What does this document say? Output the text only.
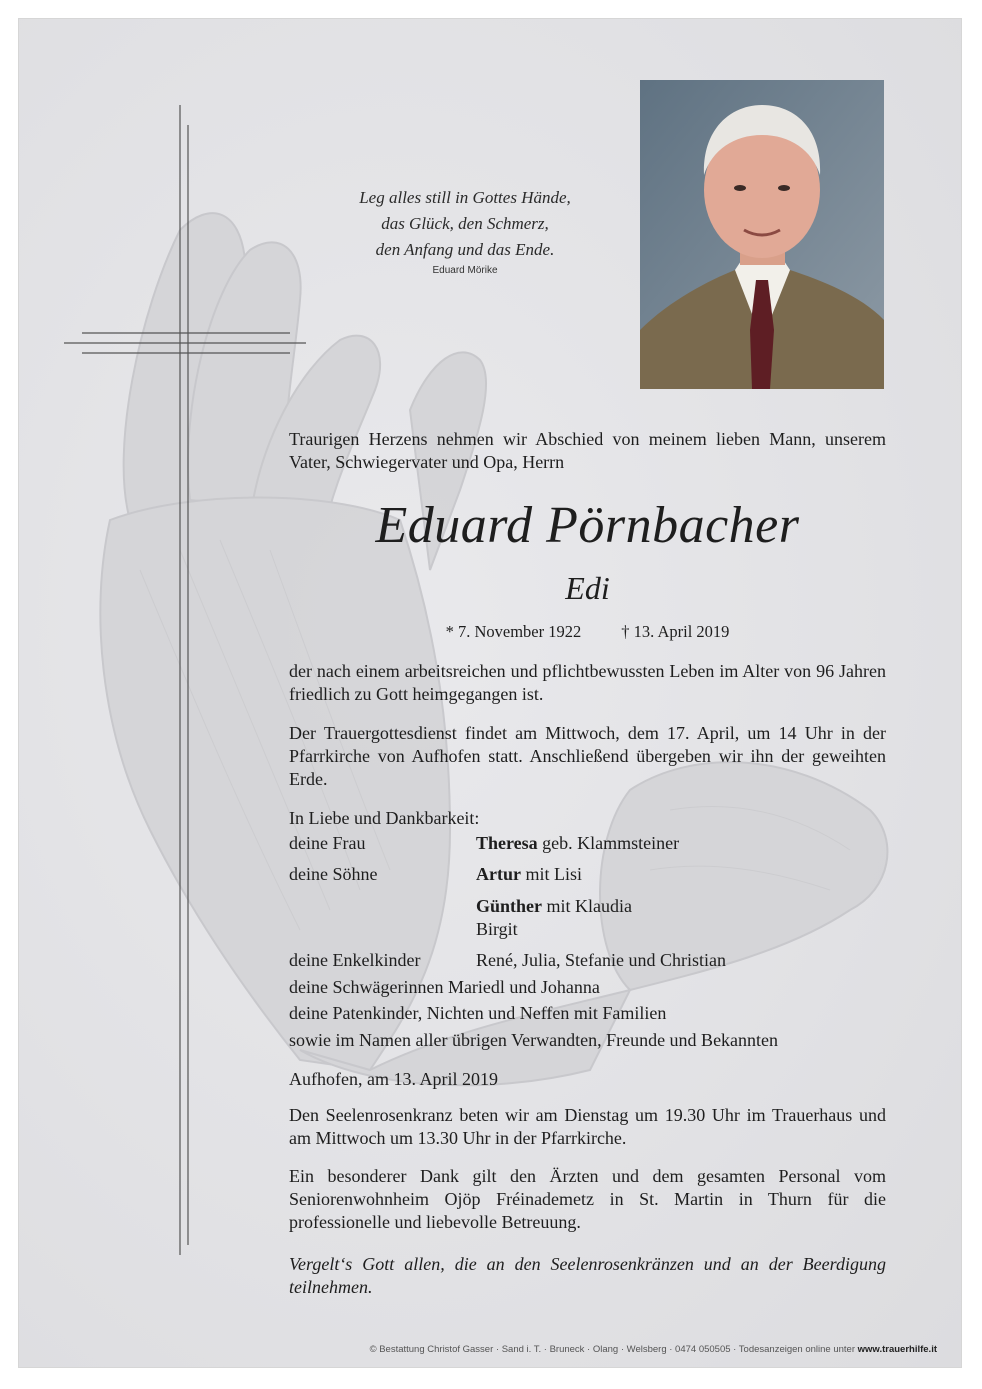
Leg alles still in Gottes Hände,
das Glück, den Schmerz,
den Anfang und das Ende.
Eduard Mörike
Traurigen Herzens nehmen wir Abschied von meinem lieben Mann, unserem Vater, Schwiegervater und Opa, Herrn
Eduard Pörnbacher
Edi
* 7. November 1922 † 13. April 2019
der nach einem arbeitsreichen und pflichtbewussten Leben im Alter von 96 Jahren friedlich zu Gott heimgegangen ist.
Der Trauergottesdienst findet am Mittwoch, dem 17. April, um 14 Uhr in der Pfarrkirche von Aufhofen statt. Anschließend übergeben wir ihn der geweihten Erde.
In Liebe und Dankbarkeit:
deine Frau	Theresa geb. Klammsteiner
deine Söhne	Artur mit Lisi
Günther mit Klaudia
Birgit
deine Enkelkinder	René, Julia, Stefanie und Christian
deine Schwägerinnen Mariedl und Johanna
deine Patenkinder, Nichten und Neffen mit Familien
sowie im Namen aller übrigen Verwandten, Freunde und Bekannten
Aufhofen, am 13. April 2019
Den Seelenrosenkranz beten wir am Dienstag um 19.30 Uhr im Trauerhaus und am Mittwoch um 13.30 Uhr in der Pfarrkirche.
Ein besonderer Dank gilt den Ärzten und dem gesamten Personal vom Seniorenwohnheim Ojöp Fréinademetz in St. Martin in Thurn für die professionelle und liebevolle Betreuung.
Vergelt‘s Gott allen, die an den Seelenrosenkränzen und an der Beerdigung teilnehmen.
© Bestattung Christof Gasser · Sand i. T. · Bruneck · Olang · Welsberg · 0474 050505 · Todesanzeigen online unter www.trauerhilfe.it
